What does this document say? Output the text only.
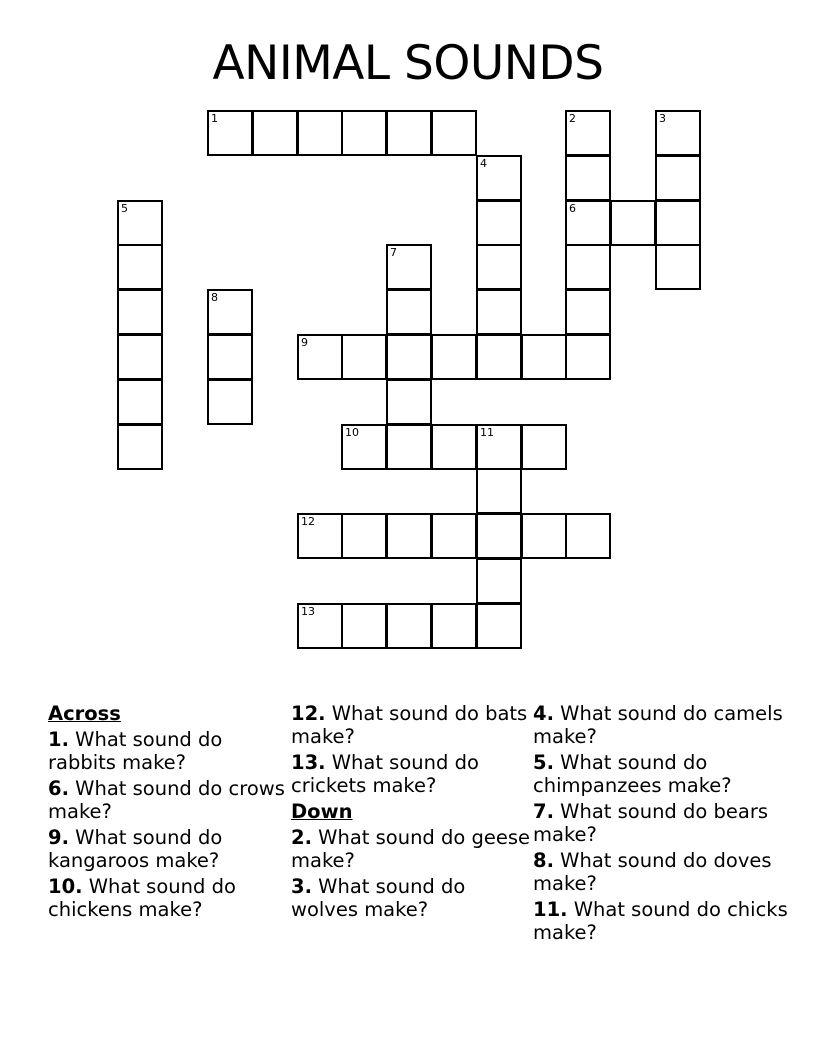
ANIMAL SOUNDS
1
6
9
10	11
12
13
2	3
4
5
7
8
Across
1. What sound do rabbits make?
6. What sound do crows make?
9. What sound do kangaroos make?
10. What sound do chickens make?
12. What sound do bats make?
13. What sound do crickets make?
Down
2. What sound do geese make?
3. What sound do wolves make?
4. What sound do camels make?
5. What sound do chimpanzees make?
7. What sound do bears make?
8. What sound do doves make?
11. What sound do chicks make?
